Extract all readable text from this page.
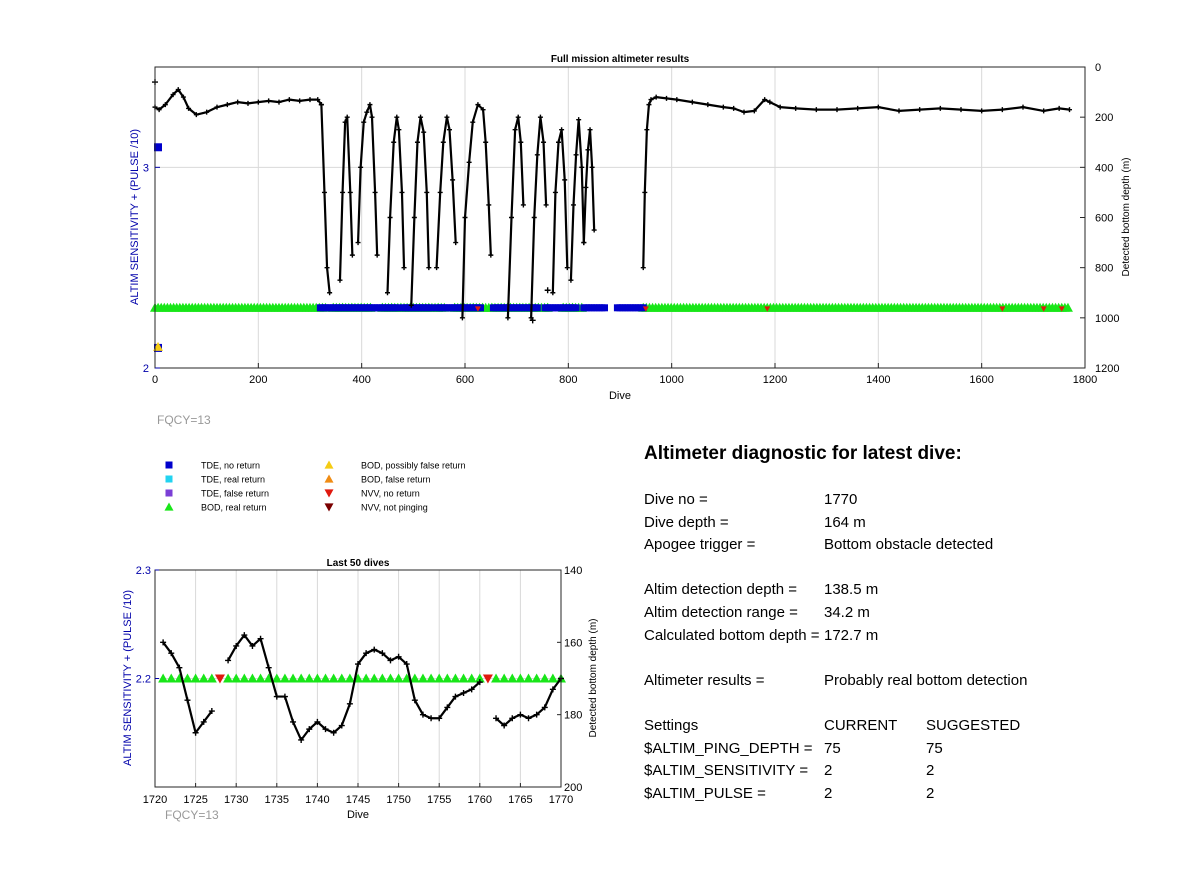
0	200	400	600	800	1000	1200	1400	1600	1800
2
3
0
200
400
600
800
1000
1200
Full mission altimeter results
Dive
ALTIM SENSITIVITY + (PULSE /10)	Detected bottom depth (m)
FQCY=13
TDE, no return
TDE, real return
TDE, false return
BOD, real return
BOD, possibly false return
BOD, false return
NVV, no return
NVV, not pinging
1720 1725 1730 1735 1740 1745 1750 1755 1760 1765 1770
2.2
2.3	140
160
180
200
Last 50 dives
Dive
ALTIM SENSITIVITY + (PULSE /10)	Detected bottom depth (m)
FQCY=13
Altimeter diagnostic for latest dive:
Dive no =	1770
Dive depth =	164 m
Apogee trigger =	Bottom obstacle detected
Altim detection depth = 138.5 m
Altim detection range = 34.2 m
Calculated bottom depth = 172.7 m
Altimeter results =	Probably real bottom detection
Settings	CURRENT SUGGESTED
$ALTIM_PING_DEPTH = 75	75
$ALTIM_SENSITIVITY = 2	2
$ALTIM_PULSE =	2	2
